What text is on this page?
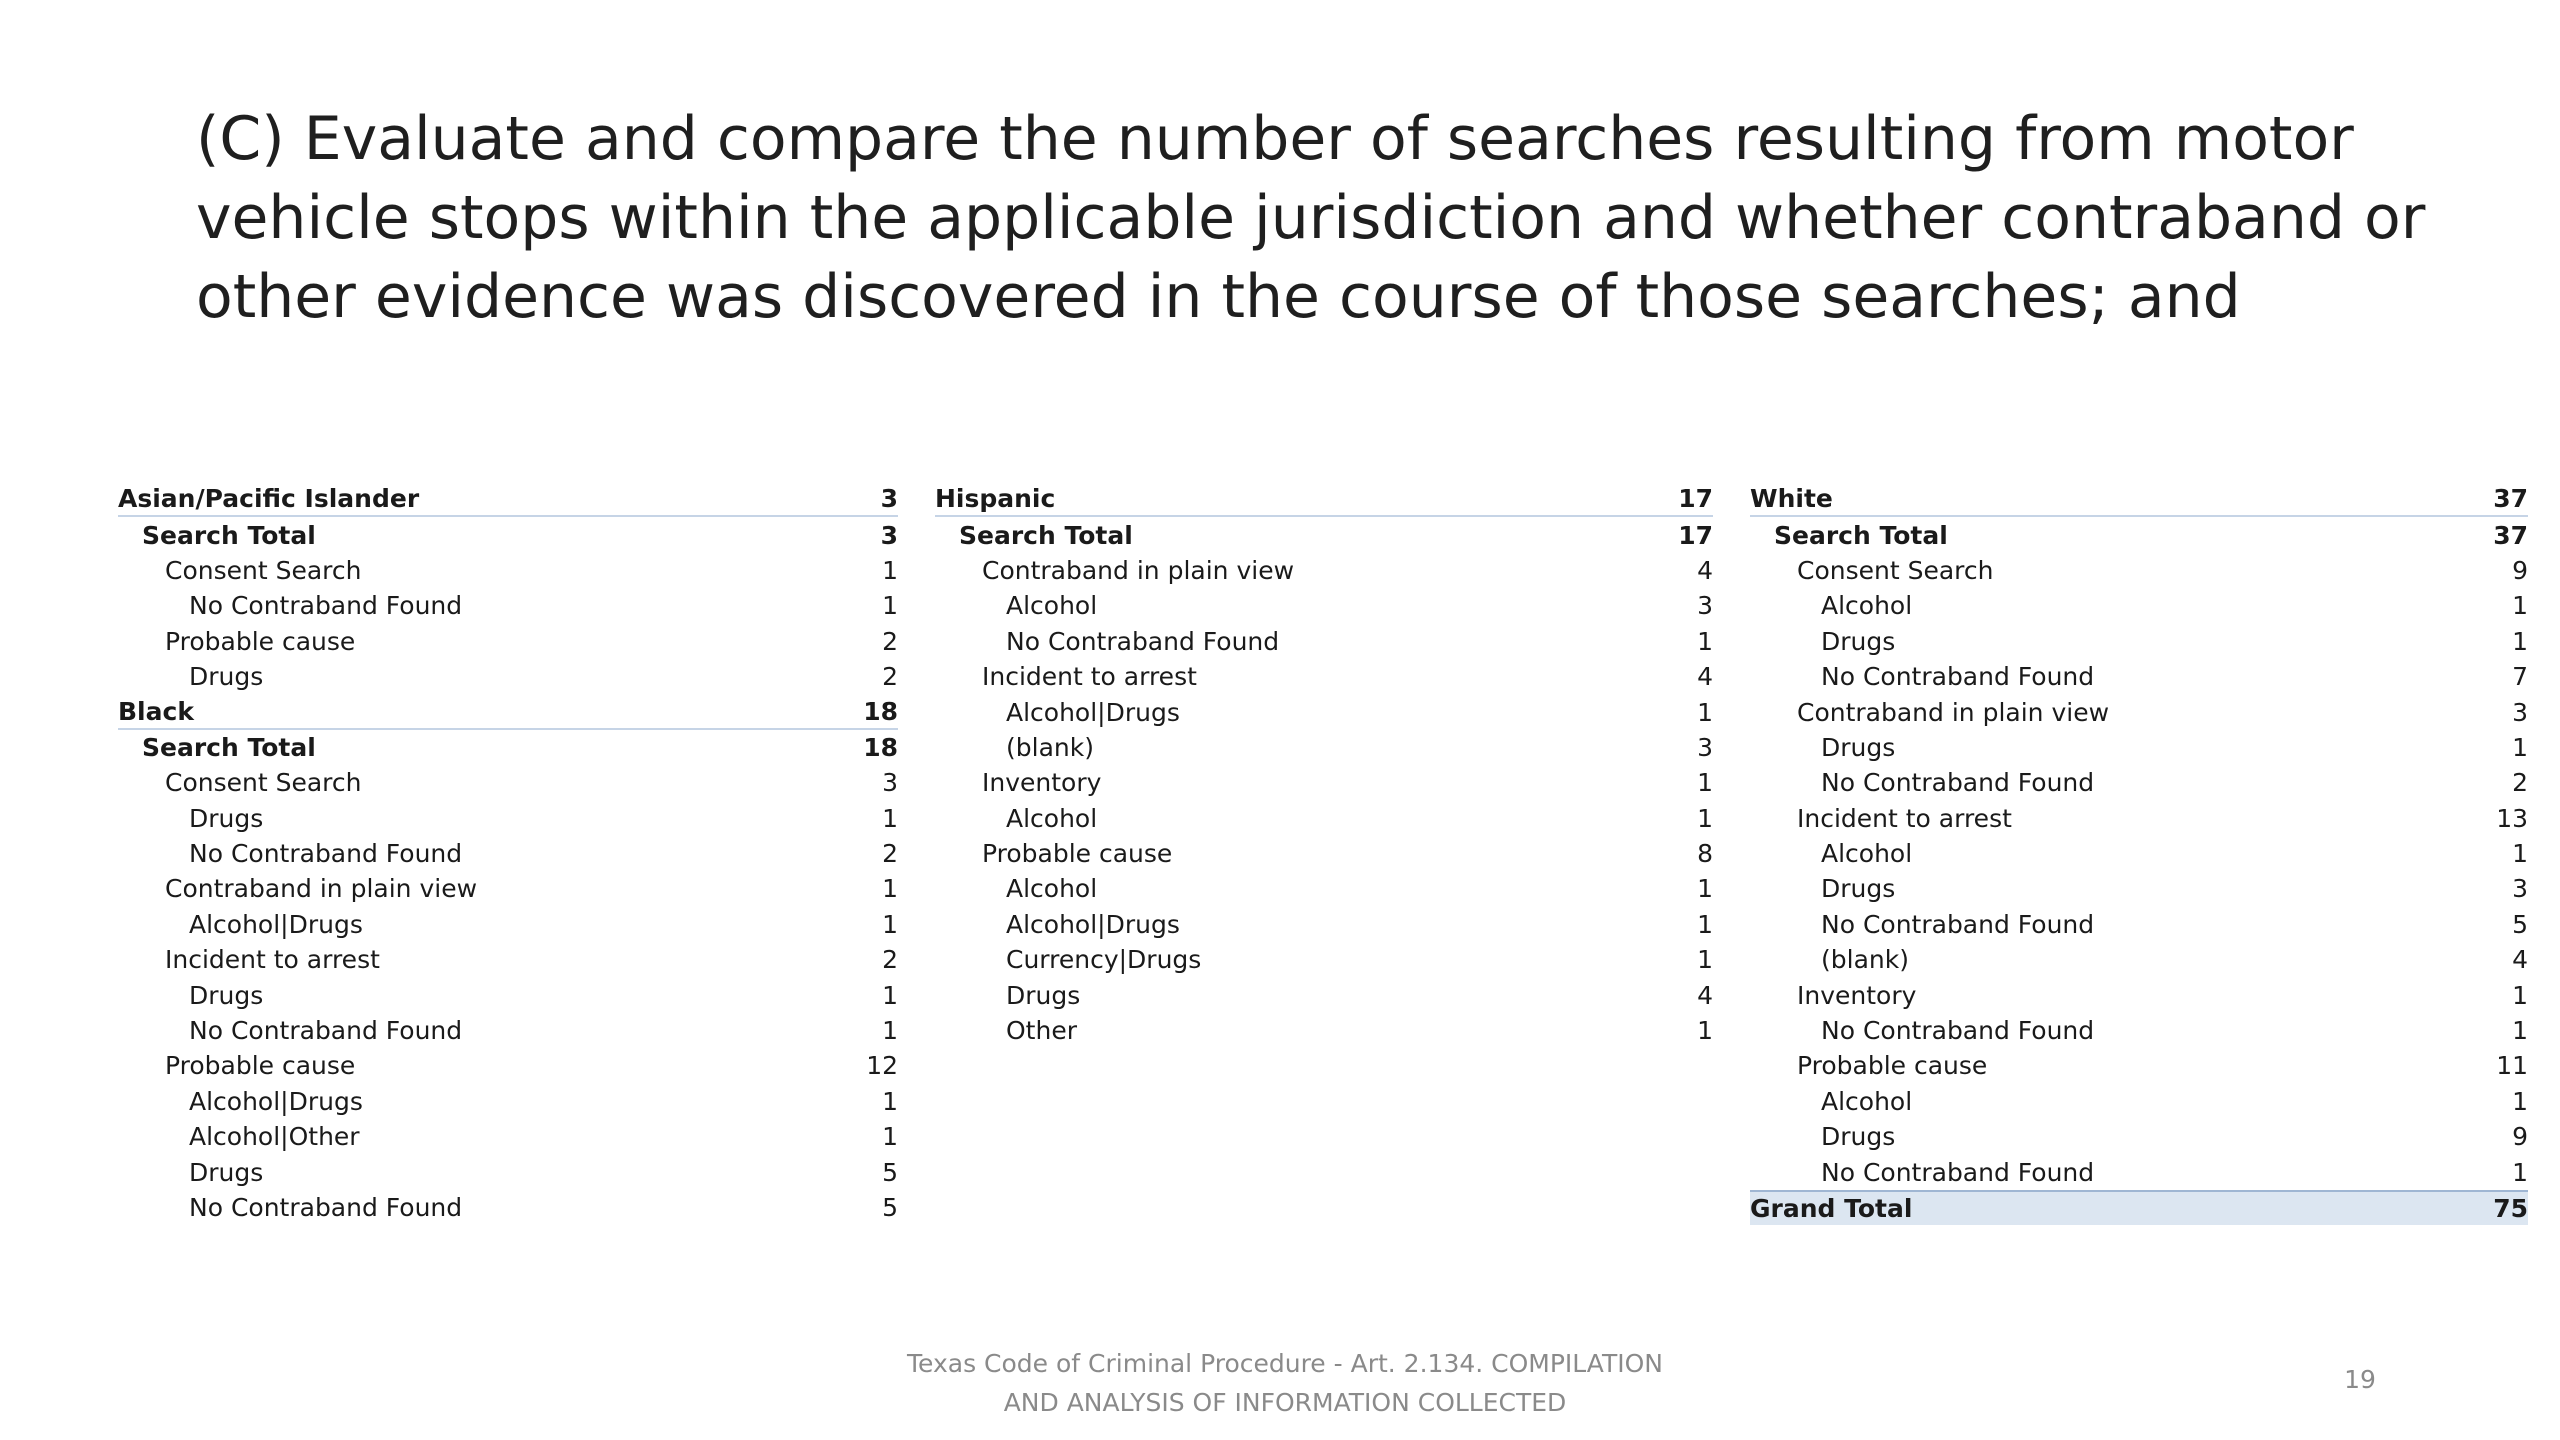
(C) Evaluate and compare the number of searches resulting from motor vehicle stops within the applicable jurisdiction and whether contraband or other evidence was discovered in the course of those searches; and
Asian/Pacific Islander	3
Search Total	3
Consent Search	1
No Contraband Found	1
Probable cause	2
Drugs	2
Black	18
Search Total	18
Consent Search	3
Drugs	1
No Contraband Found	2
Contraband in plain view	1
Alcohol|Drugs	1
Incident to arrest	2
Drugs	1
No Contraband Found	1
Probable cause	12
Alcohol|Drugs	1
Alcohol|Other	1
Drugs	5
No Contraband Found	5
Hispanic	17
Search Total	17
Contraband in plain view	4
Alcohol	3
No Contraband Found	1
Incident to arrest	4
Alcohol|Drugs	1
(blank)	3
Inventory	1
Alcohol	1
Probable cause	8
Alcohol	1
Alcohol|Drugs	1
Currency|Drugs	1
Drugs	4
Other	1
White	37
Search Total	37
Consent Search	9
Alcohol	1
Drugs	1
No Contraband Found	7
Contraband in plain view	3
Drugs	1
No Contraband Found	2
Incident to arrest	13
Alcohol	1
Drugs	3
No Contraband Found	5
(blank)	4
Inventory	1
No Contraband Found	1
Probable cause	11
Alcohol	1
Drugs	9
No Contraband Found	1
Grand Total	75
Texas Code of Criminal Procedure - Art. 2.134. COMPILATION
AND ANALYSIS OF INFORMATION COLLECTED
19
